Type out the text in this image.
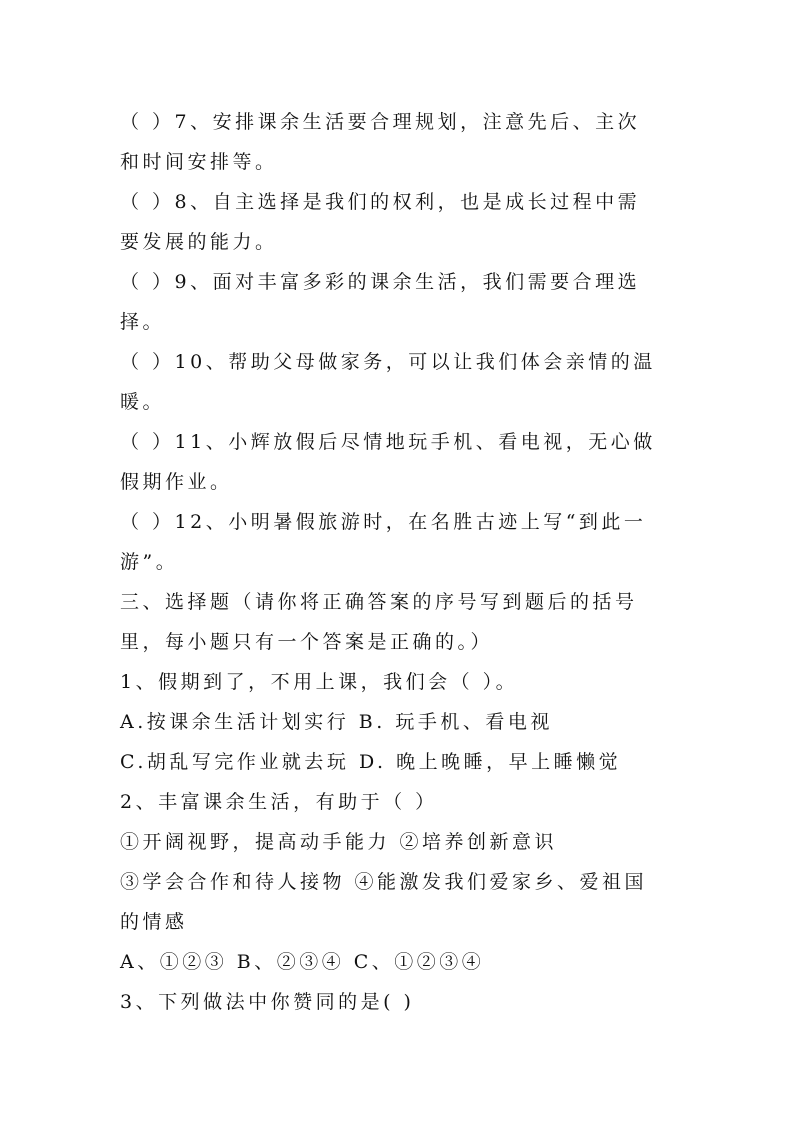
（ ）7、安排课余生活要合理规划，注意先后、主次
和时间安排等。
（ ）8、自主选择是我们的权利，也是成长过程中需
要发展的能力。
（ ）9、面对丰富多彩的课余生活，我们需要合理选
择。
（ ）10、帮助父母做家务，可以让我们体会亲情的温
暖。
（ ）11、小辉放假后尽情地玩手机、看电视，无心做
假期作业。
（ ）12、小明暑假旅游时，在名胜古迹上写“到此一
游”。
三、选择题（请你将正确答案的序号写到题后的括号
里，每小题只有一个答案是正确的。）
1、假期到了，不用上课，我们会（ ）。
A.按课余生活计划实行 B. 玩手机、看电视
C.胡乱写完作业就去玩 D. 晚上晚睡，早上睡懒觉
2、丰富课余生活，有助于（ ）
①开阔视野，提高动手能力 ②培养创新意识
③学会合作和待人接物 ④能激发我们爱家乡、爱祖国
的情感
A、①②③ B、②③④ C、①②③④
3、下列做法中你赞同的是( )
